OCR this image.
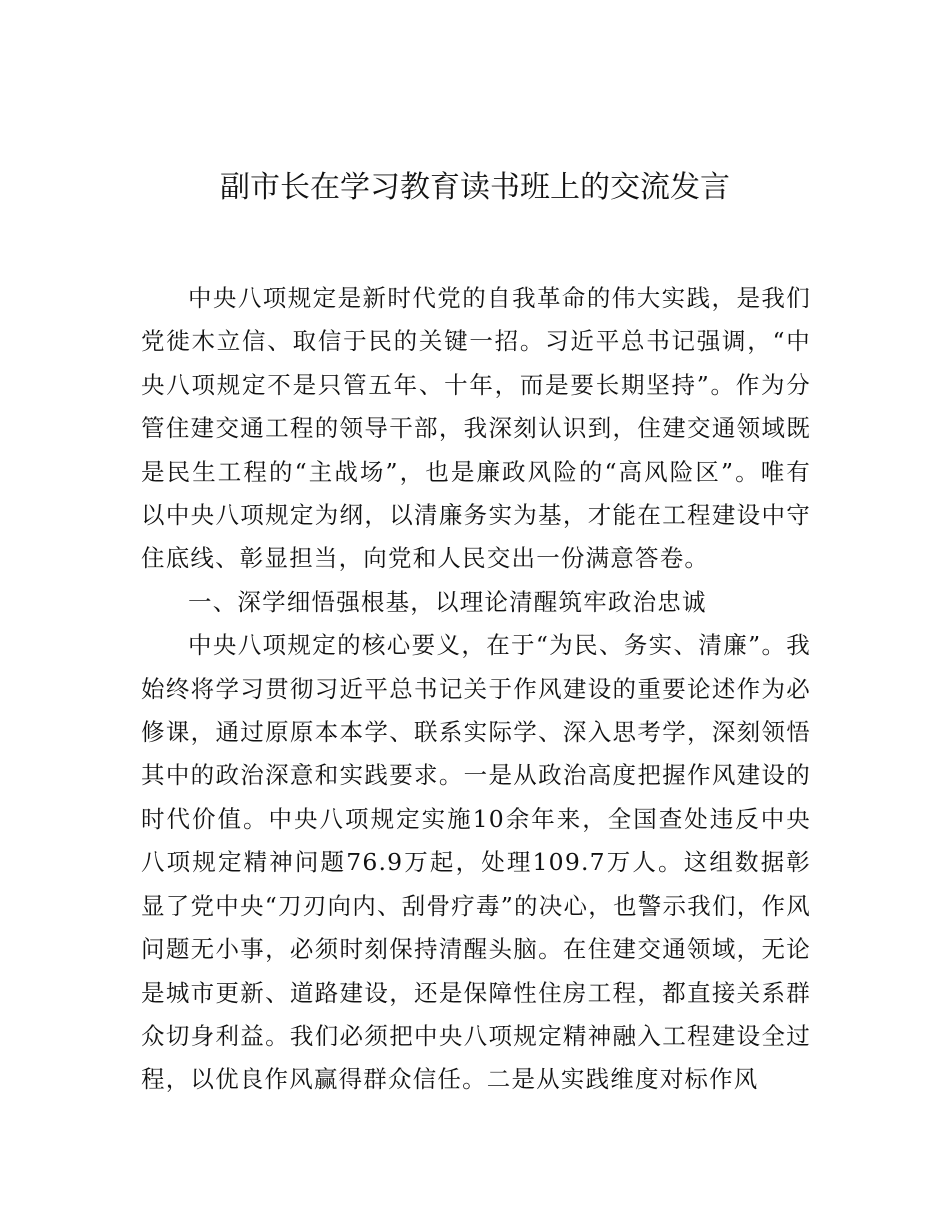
副市长在学习教育读书班上的交流发言

中央八项规定是新时代党的自我革命的伟大实践，是我们党徙木立信、取信于民的关键一招。习近平总书记强调，“中央八项规定不是只管五年、十年，而是要长期坚持”。作为分管住建交通工程的领导干部，我深刻认识到，住建交通领域既是民生工程的“主战场”，也是廉政风险的“高风险区”。唯有以中央八项规定为纲，以清廉务实为基，才能在工程建设中守住底线、彰显担当，向党和人民交出一份满意答卷。

一、深学细悟强根基，以理论清醒筑牢政治忠诚

中央八项规定的核心要义，在于“为民、务实、清廉”。我始终将学习贯彻习近平总书记关于作风建设的重要论述作为必修课，通过原原本本学、联系实际学、深入思考学，深刻领悟其中的政治深意和实践要求。一是从政治高度把握作风建设的时代价值。中央八项规定实施10余年来，全国查处违反中央八项规定精神问题76.9万起，处理109.7万人。这组数据彰显了党中央“刀刃向内、刮骨疗毒”的决心，也警示我们，作风问题无小事，必须时刻保持清醒头脑。在住建交通领域，无论是城市更新、道路建设，还是保障性住房工程，都直接关系群众切身利益。我们必须把中央八项规定精神融入工程建设全过程，以优良作风赢得群众信任。二是从实践维度对标作风
